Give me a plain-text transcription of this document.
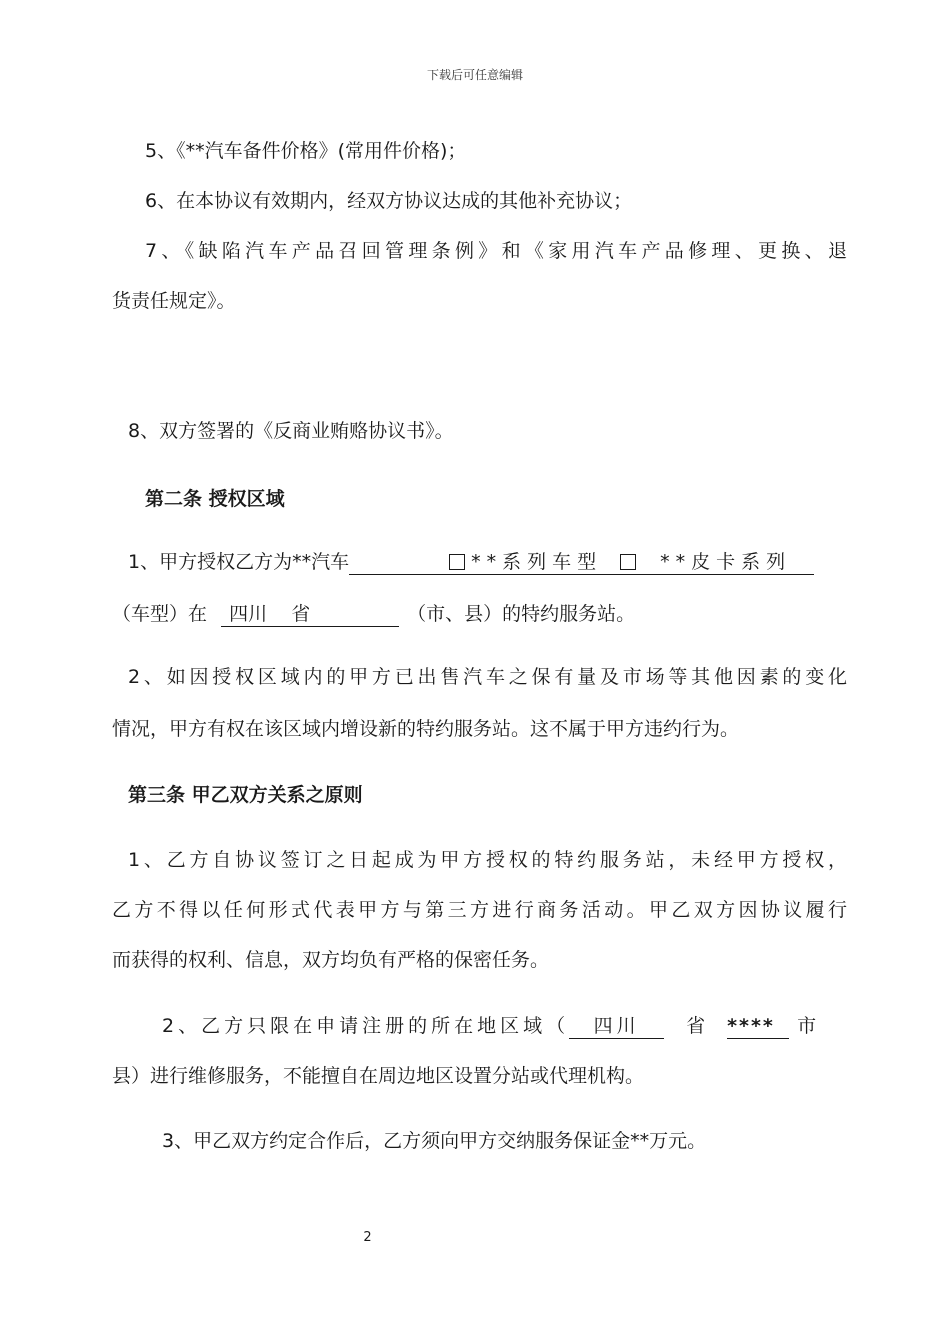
下载后可任意编辑
5、《**汽车备件价格》(常用件价格)；
6、在本协议有效期内，经双方协议达成的其他补充协议；
7、《缺陷汽车产品召回管理条例》和《家用汽车产品修理、更换、退
货责任规定》。
8、双方签署的《反商业贿赂协议书》。
第二条 授权区域
1、甲方授权乙方为**汽车	**系列车型	**皮卡系列
（车型）在 四川    省	（市、县）的特约服务站。
2、如因授权区域内的甲方已出售汽车之保有量及市场等其他因素的变化
情况，甲方有权在该区域内增设新的特约服务站。这不属于甲方违约行为。
第三条 甲乙双方关系之原则
1、乙方自协议签订之日起成为甲方授权的特约服务站，未经甲方授权，
乙方不得以任何形式代表甲方与第三方进行商务活动。甲乙双方因协议履行
而获得的权利、信息，双方均负有严格的保密任务。
2、乙方只限在申请注册的所在地区域（ 四川 省 **** 市
县）进行维修服务，不能擅自在周边地区设置分站或代理机构。
3、甲乙双方约定合作后，乙方须向甲方交纳服务保证金**万元。
2
